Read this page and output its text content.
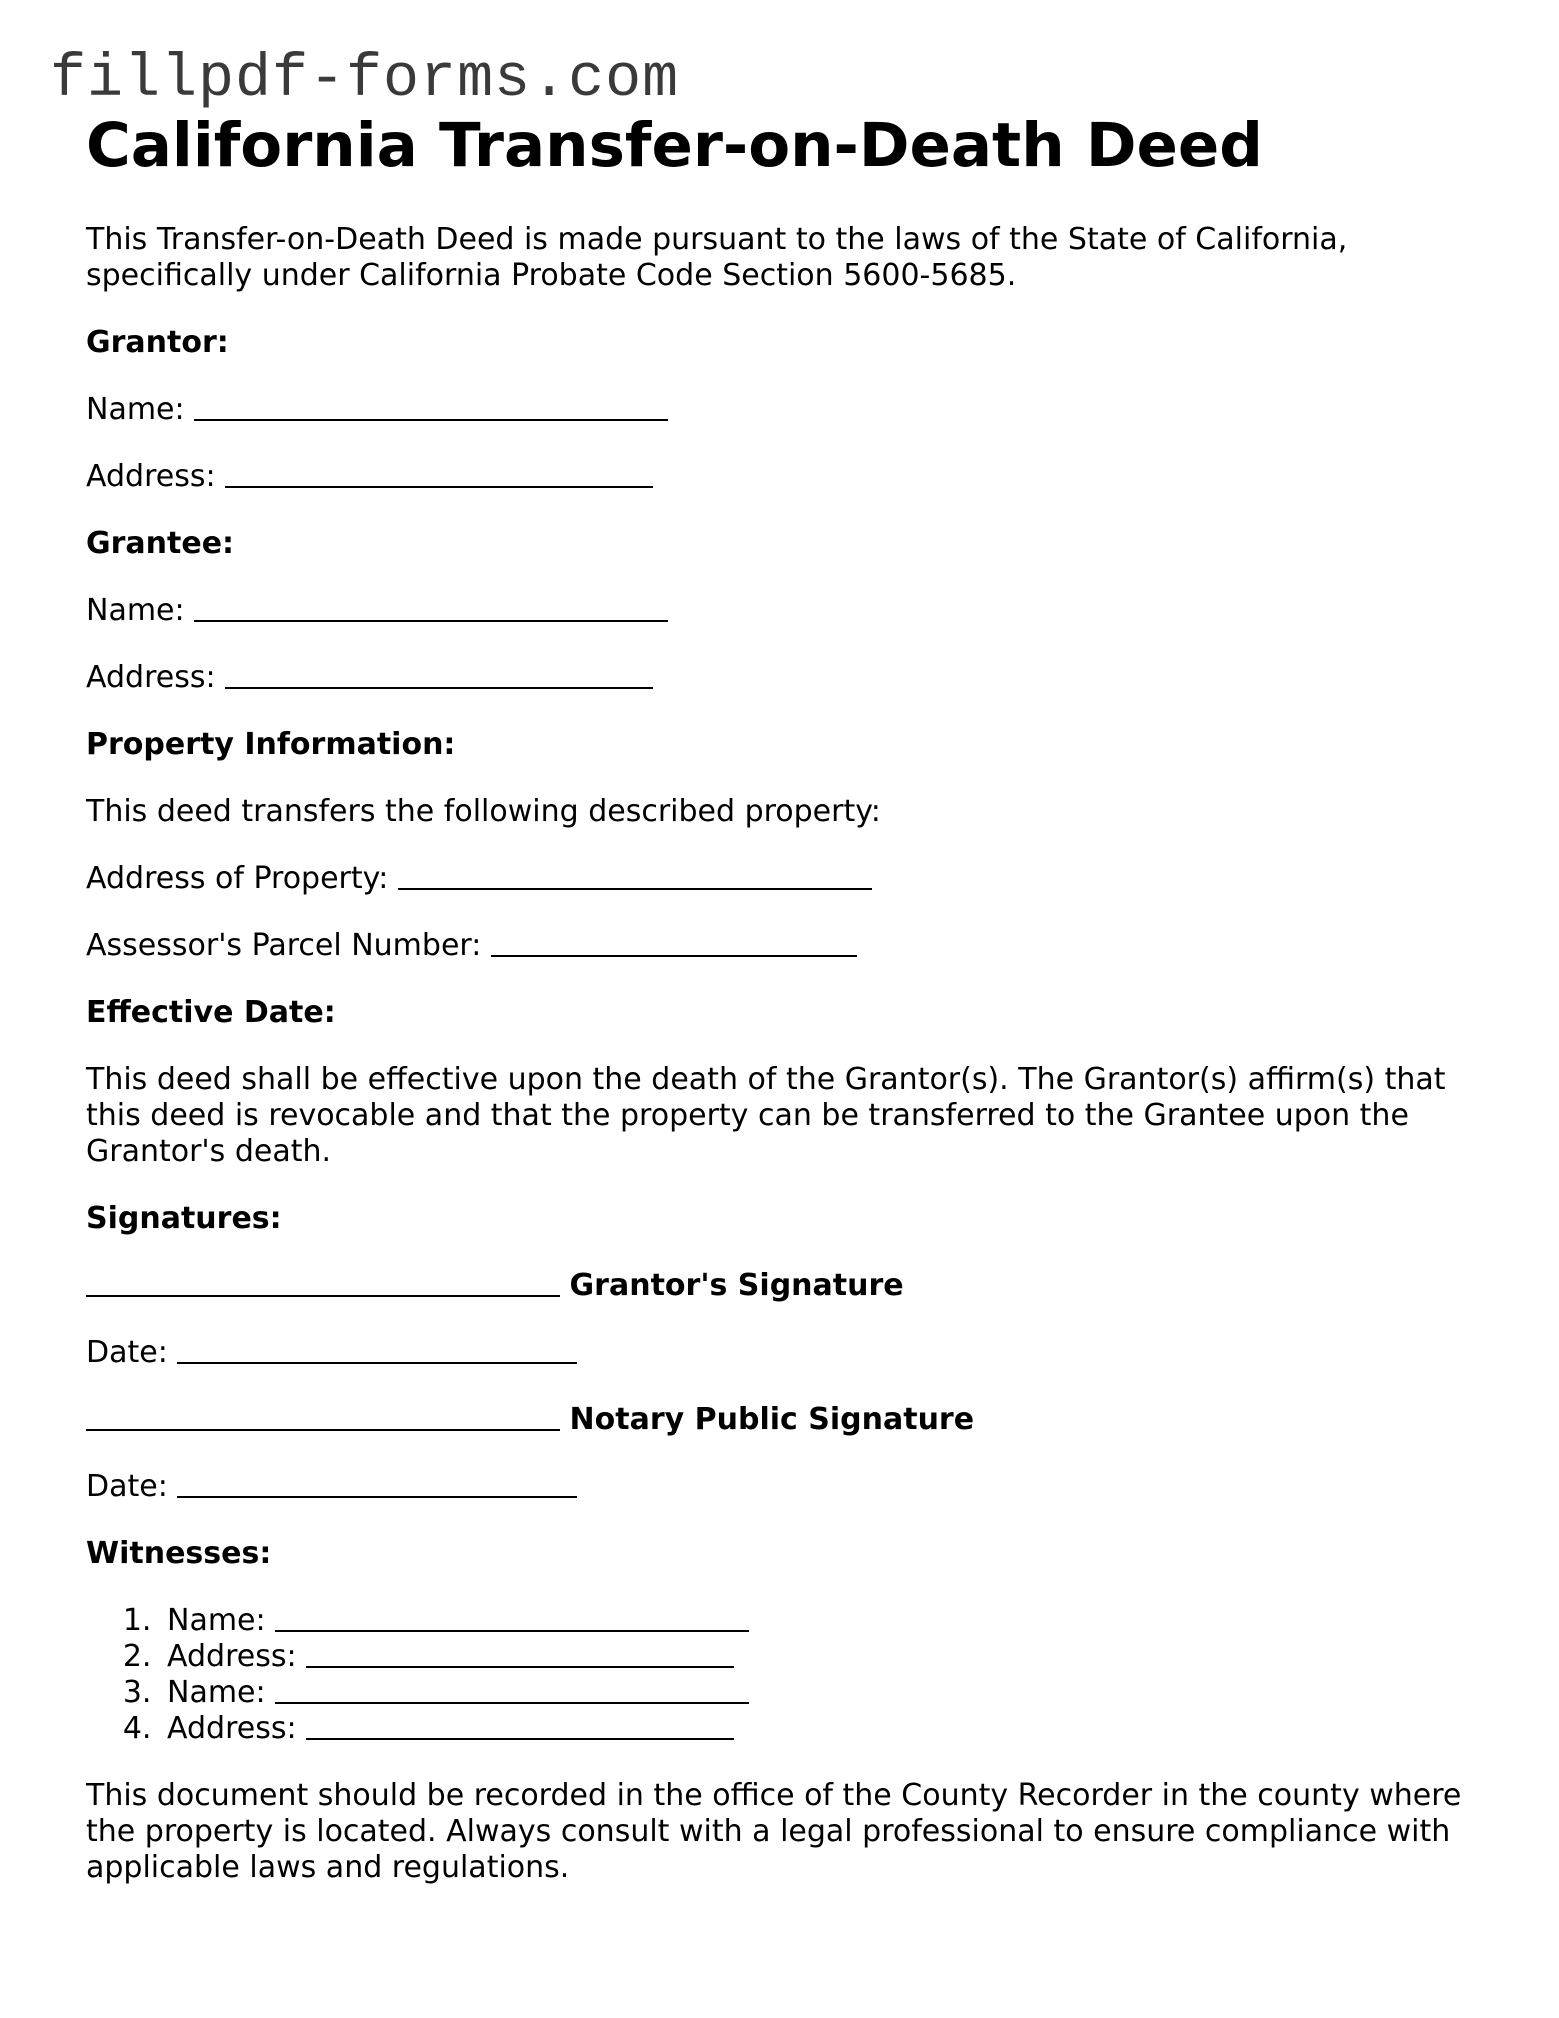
fillpdf-forms.com
California Transfer-on-Death Deed

This Transfer-on-Death Deed is made pursuant to the laws of the State of California, specifically under California Probate Code Section 5600-5685.

Grantor:

Name:

Address:

Grantee:

Name:

Address:

Property Information:

This deed transfers the following described property:

Address of Property:

Assessor's Parcel Number:

Effective Date:

This deed shall be effective upon the death of the Grantor(s). The Grantor(s) affirm(s) that this deed is revocable and that the property can be transferred to the Grantee upon the Grantor's death.

Signatures:

Grantor's Signature

Date:

Notary Public Signature

Date:

Witnesses:

1. Name:
2. Address:
3. Name:
4. Address:

This document should be recorded in the office of the County Recorder in the county where the property is located. Always consult with a legal professional to ensure compliance with applicable laws and regulations.
